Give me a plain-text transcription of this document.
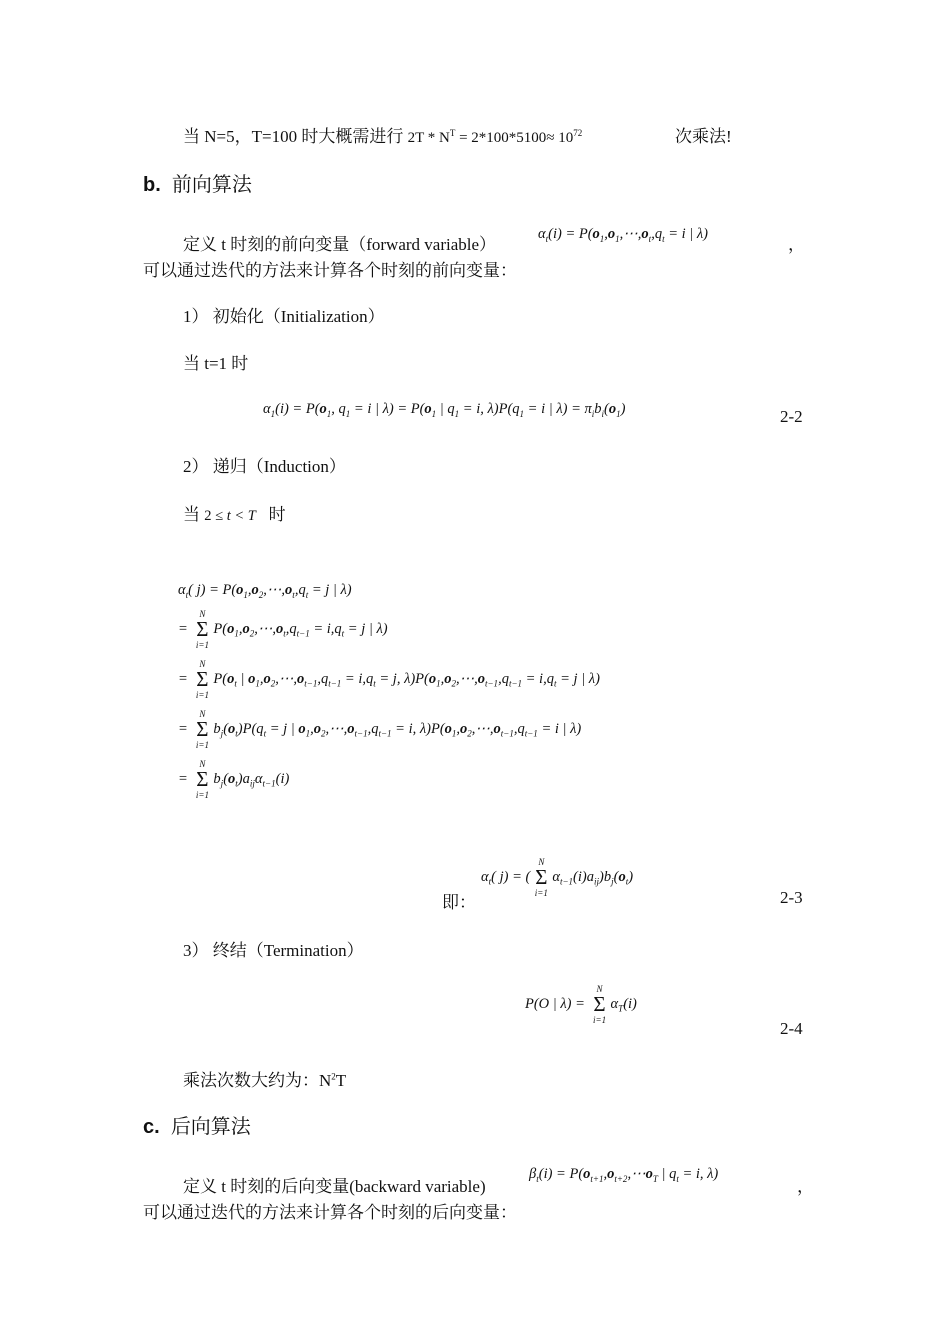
当 N=5，T=100 时大概需进行 $2T * N^T = 2*100*5100\approx 10^{72}$	次乘法!
b. 前向算法
定义 t 时刻的前向变量（forward variable）
$\alpha_t(i)$ = $P(o_1,o_1,\cdots,o_t,q_t = i$ | λ)
，
可以通过迭代的方法来计算各个时刻的前向变量：
1） 初始化（Initialization）
当 t=1 时
$\alpha_1(i) = P(o_1$, $q_1 = i$ | $\lambda) = P(o_1$ | $q_1 = i$, $\lambda)P(q_1 = i$ | $\lambda) = \pi_ib_i(o_1)$	2-2
2） 递归（Induction）
当 2 ≤ t < T 时
$\alpha_t$( $j) = P(o_1,o_2,\cdots,o_t,q_t = j$ | λ)
=
N
Σ
i=1
$P(o_1,o_2,\cdots,o_t,q_{t-1} = i,q_t = j$ | λ)
=
N
Σ
i=1
$P(o_t$ | $o_1,o_2,\cdots,o_{t-1},q_{t-1} = i,q_t = j$, $\lambda)P(o_1,o_2,\cdots,o_{t-1},q_{t-1} = i,q_t = j$ | λ)
=
N
Σ
i=1
$b_j(o_t)P(q_t = j$ | $o_1,o_2,\cdots,o_{t-1},q_{t-1} = i$, $\lambda)P(o_1,o_2,\cdots,o_{t-1},q_{t-1} = i$ | λ)
=
N
Σ
i=1
$b_j(o_t)a_{ij}\alpha_{t-1}(i)$
即：
$\alpha_t$( j) = (
N
Σ
i=1
$\alpha_{t-1}(i)a_{ij})b_j(o_t)$
2-3
3） 终结（Termination）
P(O | λ) =
N
Σ
i=1
$\alpha_T(i)$
2-4
乘法次数大约为：$N^2T$
c. 后向算法
定义 t 时刻的后向变量(backward variable)
$\beta_t(i)$ = $P(o_{t+1},o_{t+2},\cdots o_T$ | $q_t = i$, λ)
，
可以通过迭代的方法来计算各个时刻的后向变量：
